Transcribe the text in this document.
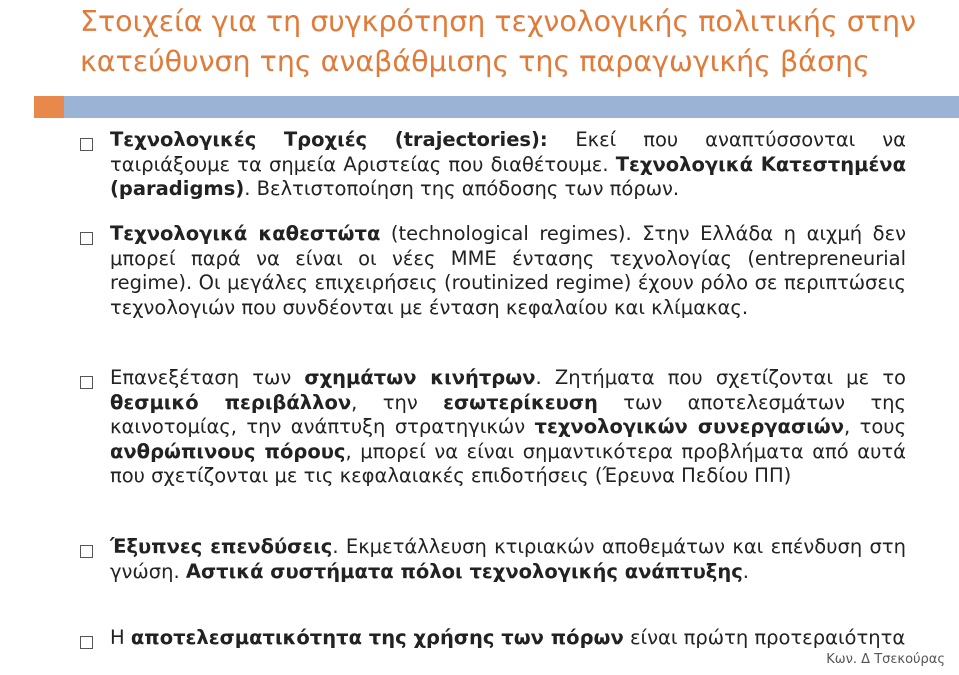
Στοιχεία για τη συγκρότηση τεχνολογικής πολιτικής στην κατεύθυνση της αναβάθμισης της παραγωγικής βάσης
Τεχνολογικές Τροχιές (trajectories): Εκεί που αναπτύσσονται να ταιριάξουμε τα σημεία Αριστείας που διαθέτουμε. Τεχνολογικά Κατεστημένα (paradigms). Βελτιστοποίηση της απόδοσης των πόρων.
Τεχνολογικά καθεστώτα (technological regimes). Στην Ελλάδα η αιχμή δεν μπορεί παρά να είναι οι νέες ΜΜΕ έντασης τεχνολογίας (entrepreneurial regime). Οι μεγάλες επιχειρήσεις (routinized regime) έχουν ρόλο σε περιπτώσεις τεχνολογιών που συνδέονται με ένταση κεφαλαίου και κλίμακας.
Επανεξέταση των σχημάτων κινήτρων. Ζητήματα που σχετίζονται με το θεσμικό περιβάλλον, την εσωτερίκευση των αποτελεσμάτων της καινοτομίας, την ανάπτυξη στρατηγικών τεχνολογικών συνεργασιών, τους ανθρώπινους πόρους, μπορεί να είναι σημαντικότερα προβλήματα από αυτά που σχετίζονται με τις κεφαλαιακές επιδοτήσεις (Έρευνα Πεδίου ΠΠ)
Έξυπνες επενδύσεις. Εκμετάλλευση κτιριακών αποθεμάτων και επένδυση στη γνώση. Αστικά συστήματα πόλοι τεχνολογικής ανάπτυξης.
Η αποτελεσματικότητα της χρήσης των πόρων είναι πρώτη προτεραιότητα
Κων. Δ Τσεκούρας
